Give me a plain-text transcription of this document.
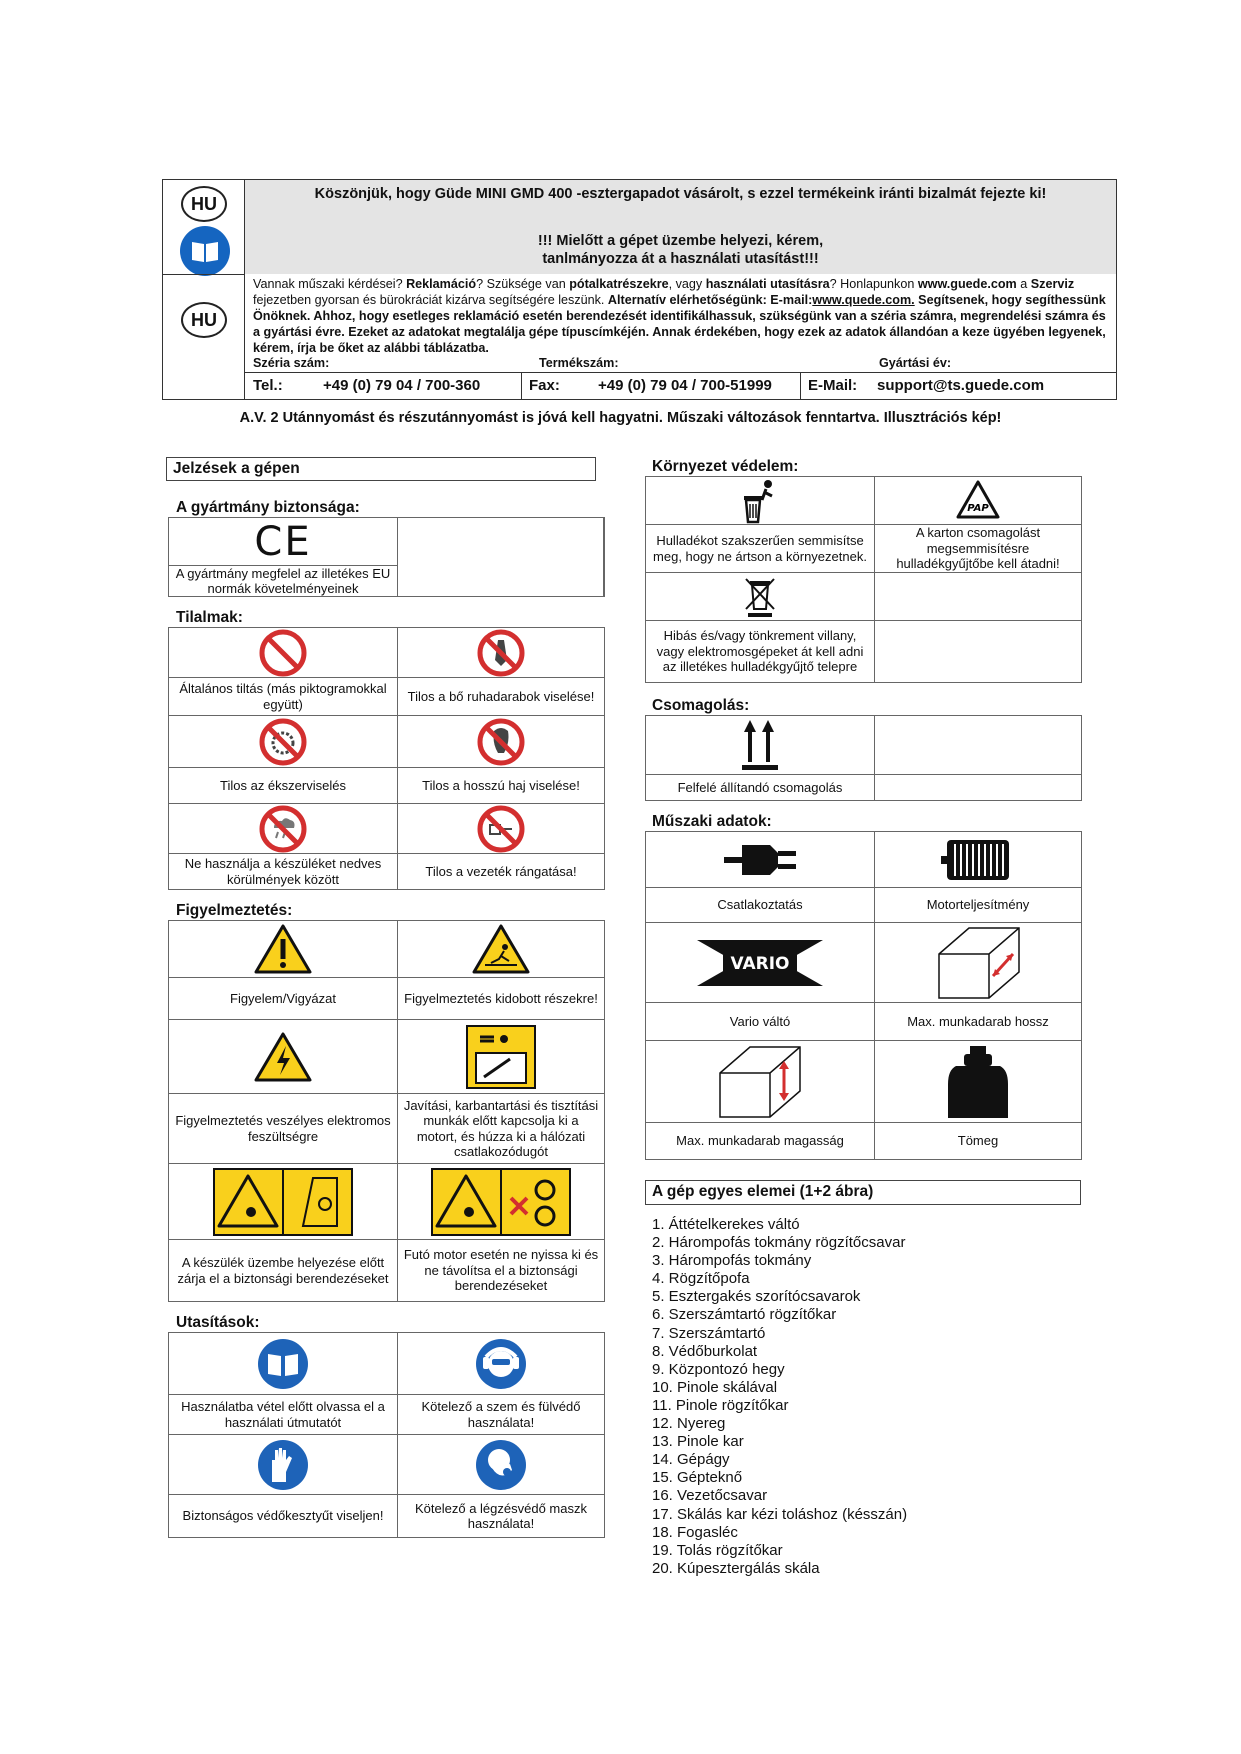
HU
HU
Köszönjük, hogy Güde MINI GMD 400 -esztergapadot vásárolt, s ezzel termékeink iránti bizalmát fejezte ki!
!!! Mielőtt a gépet üzembe helyezi, kérem,
tanlmányozza át a használati utasítást!!!
Vannak műszaki kérdései? Reklamáció? Szüksége van pótalkatrészekre, vagy használati utasításra? Honlapunkon www.guede.com a Szerviz fejezetben gyorsan és bürokráciát kizárva segítségére leszünk. Alternatív elérhetőségünk: E-mail:www.quede.com. Segítsenek, hogy segíthessünk Önöknek. Ahhoz, hogy esetleges reklamáció esetén berendezését identifikálhassuk, szükségünk van a széria számra, megrendelési számra és a gyártási évre. Ezeket az adatokat megtalálja gépe típuscímkéjén. Annak érdekében, hogy ezek az adatok állandóan a keze ügyében legyenek, kérem, írja be őket az alábbi táblázatba.
Széria szám:	Termékszám:	Gyártási év:
Tel.:	+49 (0) 79 04 / 700-360	Fax:	+49 (0) 79 04 / 700-51999 E-Mail: support@ts.guede.com
A.V. 2 Utánnyomást és részutánnyomást is jóvá kell hagyatni. Műszaki változások fenntartva. Illusztrációs kép!
Jelzések a gépen
A gyártmány biztonsága:
CE
A gyártmány megfelel az illetékes EU normák követelményeinek
Tilalmak:
Általános tiltás (más piktogramokkal együtt)
Tilos a bő ruhadarabok viselése!
Tilos az ékszerviselés	Tilos a hosszú haj viselése!
Ne használja a készüléket nedves körülmények között
Tilos a vezeték rángatása!
Figyelmeztetés:
Figyelem/Vigyázat	Figyelmeztetés kidobott részekre!
Figyelmeztetés veszélyes elektromos feszültségre
Javítási, karbantartási és tisztítási munkák előtt kapcsolja ki a motort, és húzza ki a hálózati csatlakozódugót
A készülék üzembe helyezése előtt zárja el a biztonsági berendezéseket
Futó motor esetén ne nyissa ki és ne távolítsa el a biztonsági berendezéseket
Utasítások:
Használatba vétel előtt olvassa el a használati útmutatót
Kötelező a szem és fülvédő használata!
Biztonságos védőkesztyűt viseljen!
Kötelező a légzésvédő maszk használata!
Környezet védelem:
PAP
Hulladékot szakszerűen semmisítse meg, hogy ne ártson a környezetnek.
A karton csomagolást megsemmisítésre hulladékgyűjtőbe kell átadni!
Hibás és/vagy tönkrement villany, vagy elektromosgépeket át kell adni az illetékes hulladékgyűjtő telepre
Csomagolás:
Felfelé állítandó csomagolás
Műszaki adatok:
Csatlakoztatás	Motorteljesítmény
VARIO
Vario váltó	Max. munkadarab hossz
Max. munkadarab magasság	Tömeg
A gép egyes elemei (1+2 ábra)
1. Áttételkerekes váltó
2. Hárompofás tokmány rögzítőcsavar
3. Hárompofás tokmány
4. Rögzítőpofa
5. Esztergakés szorítócsavarok
6. Szerszámtartó rögzítőkar
7. Szerszámtartó
8. Védőburkolat
9. Központozó hegy
10. Pinole skálával
11. Pinole rögzítőkar
12. Nyereg
13. Pinole kar
14. Gépágy
15. Gépteknő
16. Vezetőcsavar
17. Skálás kar kézi toláshoz (késszán)
18. Fogasléc
19. Tolás rögzítőkar
20. Kúpesztergálás skála
